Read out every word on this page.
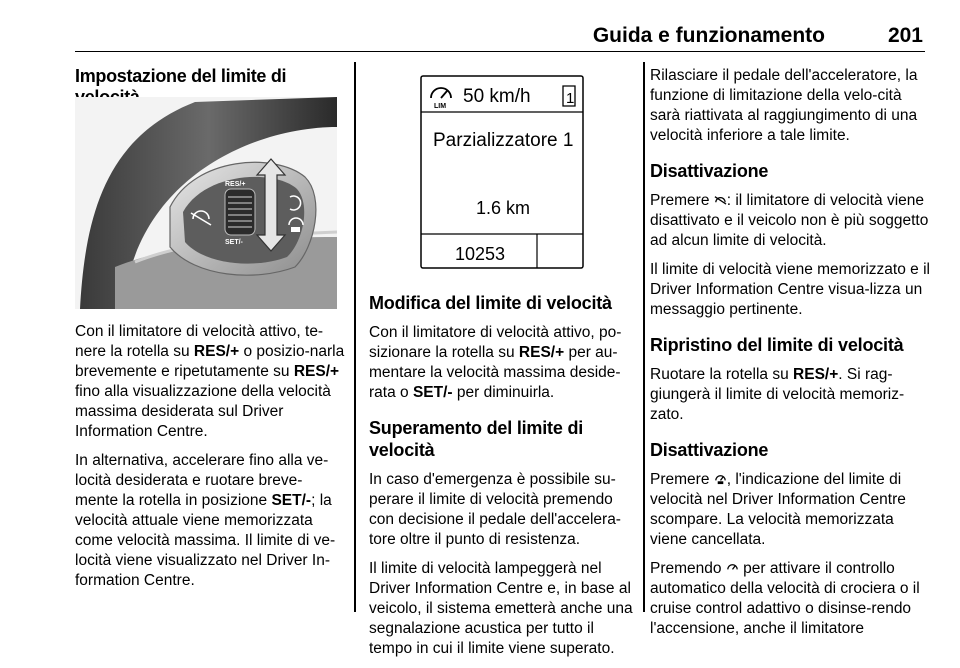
Guida e funzionamento	201
Impostazione del limite di
RES/+
SET/-

Con il limitatore di velocità attivo, te-nere la rotella su RES/+ o posizio-narla brevemente e ripetutamente su RES/+ fino alla visualizzazione della velocità massima desiderata sul Driver Information Centre.

In alternativa, accelerare fino alla ve-locità desiderata e ruotare breve-mente la rotella in posizione SET/-; la velocità attuale viene memorizzata come velocità massima. Il limite di ve-locità viene visualizzato nel Driver In-formation Centre.

LIM 50 km/h 1
Parzializzatore 1
1.6 km
10253
Modifica del limite di velocità

Con il limitatore di velocità attivo, po-sizionare la rotella su RES/+ per au-mentare la velocità massima deside-rata o SET/- per diminuirla.

Superamento del limite di velocità

In caso d'emergenza è possibile su-perare il limite di velocità premendo con decisione il pedale dell'accelera-tore oltre il punto di resistenza.

Il limite di velocità lampeggerà nel Driver Information Centre e, in base al veicolo, il sistema emetterà anche una segnalazione acustica per tutto il tempo in cui il limite viene superato.

Rilasciare il pedale dell'acceleratore, la funzione di limitazione della velo-cità sarà riattivata al raggiungimento di una velocità inferiore a tale limite.

Disattivazione

Premere : il limitatore di velocità viene disattivato e il veicolo non è più soggetto ad alcun limite di velocità.

Il limite di velocità viene memorizzato e il Driver Information Centre visua-lizza un messaggio pertinente.

Ripristino del limite di velocità

Ruotare la rotella su RES/+. Si rag-giungerà il limite di velocità memoriz-zato.

Disattivazione

Premere , l'indicazione del limite di velocità nel Driver Information Centre scompare. La velocità memorizzata viene cancellata.

Premendo  per attivare il controllo automatico della velocità di crociera o il cruise control adattivo o disinse-rendo l'accensione, anche il limitatore
